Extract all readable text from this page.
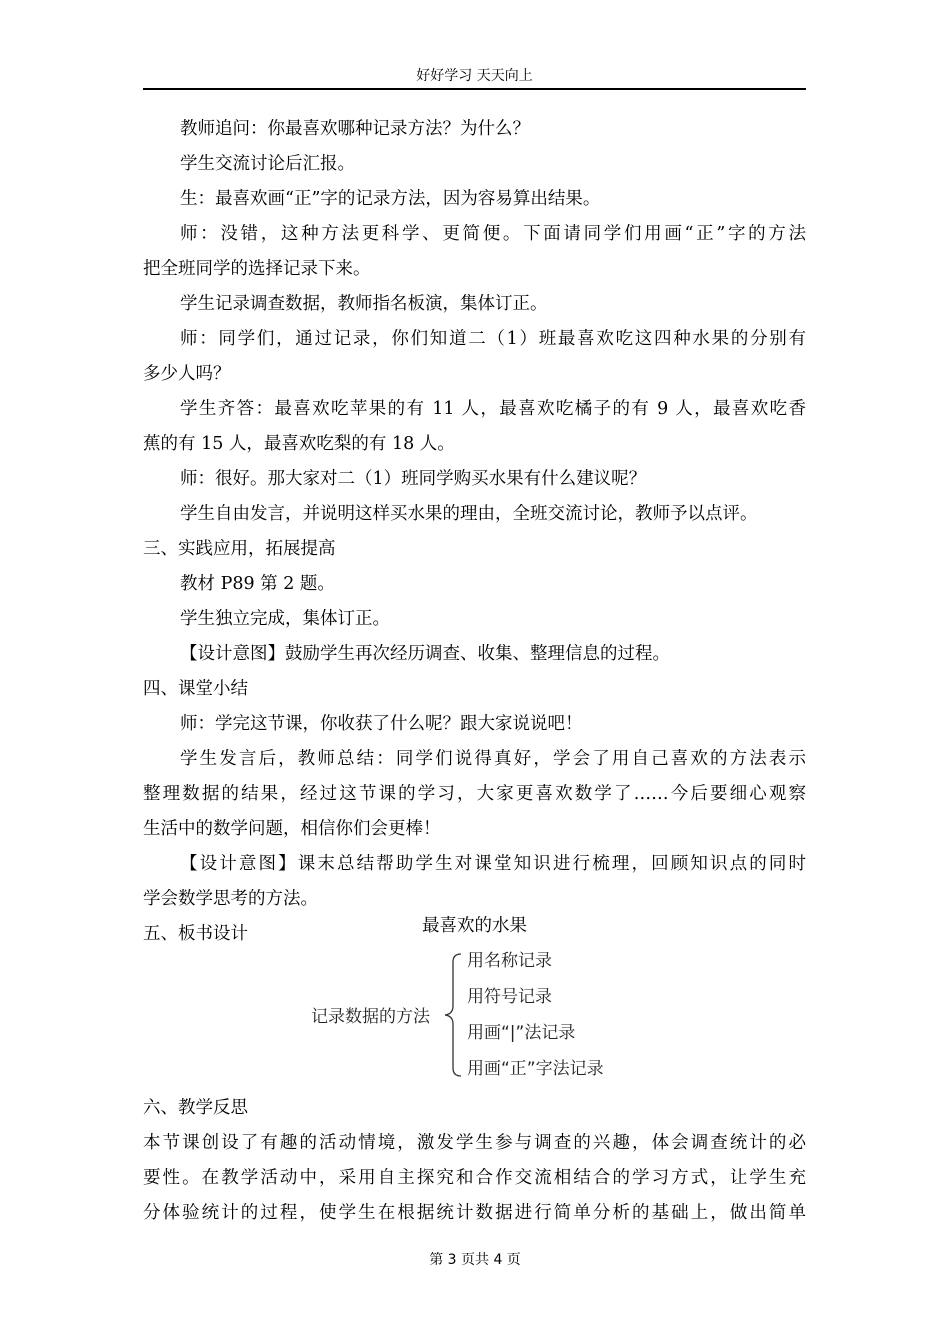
好好学习 天天向上
教师追问：你最喜欢哪种记录方法？为什么？
学生交流讨论后汇报。
生：最喜欢画“正”字的记录方法，因为容易算出结果。
师：没错，这种方法更科学、更简便。下面请同学们用画“正”字的方法
把全班同学的选择记录下来。
学生记录调查数据，教师指名板演，集体订正。
师：同学们，通过记录，你们知道二（1）班最喜欢吃这四种水果的分别有
多少人吗？
学生齐答：最喜欢吃苹果的有 11 人，最喜欢吃橘子的有 9 人，最喜欢吃香
蕉的有 15 人，最喜欢吃梨的有 18 人。
师：很好。那大家对二（1）班同学购买水果有什么建议呢？
学生自由发言，并说明这样买水果的理由，全班交流讨论，教师予以点评。
三、实践应用，拓展提高
教材 P89 第 2 题。
学生独立完成，集体订正。
【设计意图】鼓励学生再次经历调查、收集、整理信息的过程。
四、课堂小结
师：学完这节课，你收获了什么呢？跟大家说说吧！
学生发言后，教师总结：同学们说得真好，学会了用自己喜欢的方法表示
整理数据的结果，经过这节课的学习，大家更喜欢数学了……今后要细心观察
生活中的数学问题，相信你们会更棒！
【设计意图】课末总结帮助学生对课堂知识进行梳理，回顾知识点的同时
学会数学思考的方法。
五、板书设计	最喜欢的水果
记录数据的方法
用名称记录
用符号记录
用画“|”法记录
用画“正”字法记录
六、教学反思
本节课创设了有趣的活动情境，激发学生参与调查的兴趣，体会调查统计的必
要性。在教学活动中，采用自主探究和合作交流相结合的学习方式，让学生充
分体验统计的过程，使学生在根据统计数据进行简单分析的基础上，做出简单
第 3 页共 4 页
